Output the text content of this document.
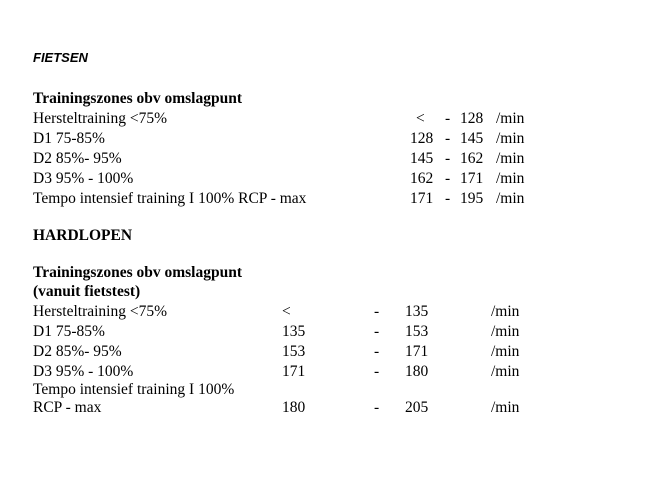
FIETSEN
Trainingszones obv omslagpunt
Hersteltraining <75%	< - 128 /min
D1 75-85%	128 - 145 /min
D2 85%- 95%	145 - 162 /min
D3 95% - 100%	162 - 171 /min
Tempo intensief training I 100% RCP - max	171 - 195 /min
HARDLOPEN
Trainingszones obv omslagpunt
(vanuit fietstest)
Hersteltraining <75%	<	- 135	/min
D1 75-85%	135	- 153	/min
D2 85%- 95%	153	- 171	/min
D3 95% - 100%	171	- 180	/min
Tempo intensief training I 100%
RCP - max	180	- 205	/min
